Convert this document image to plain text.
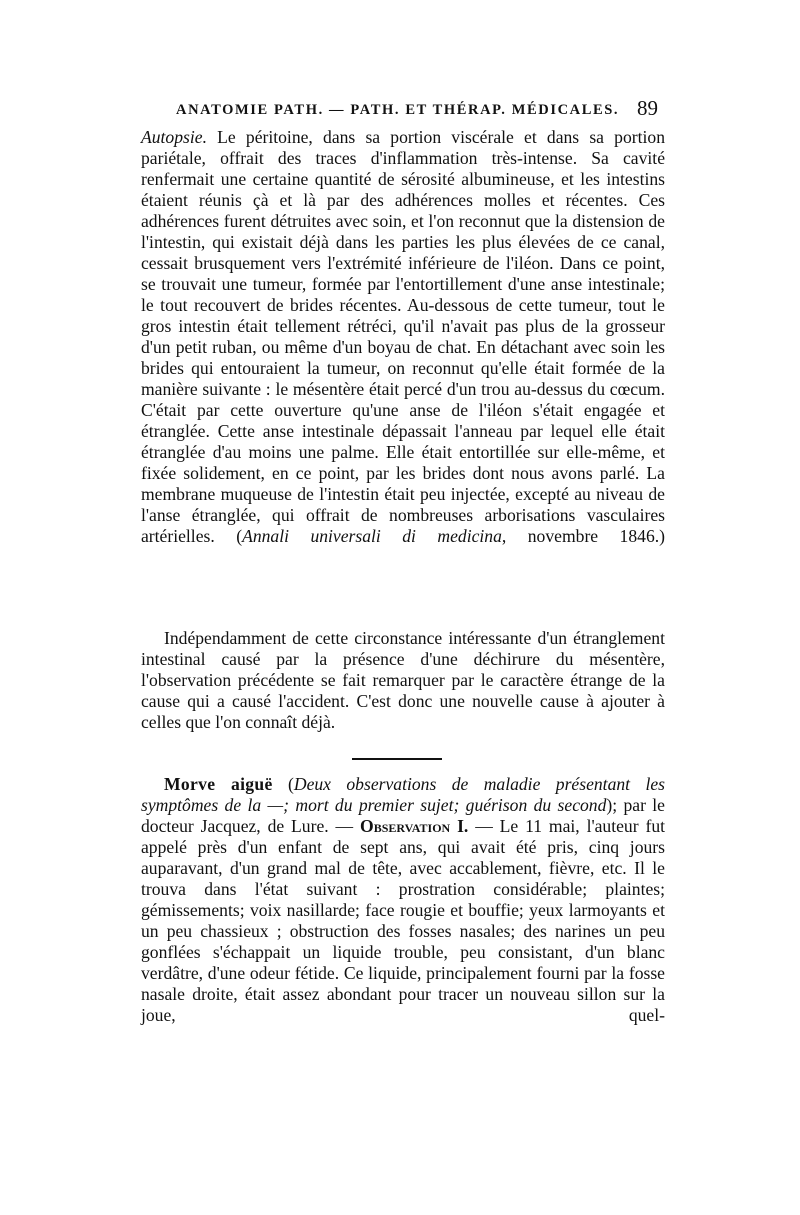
ANATOMIE PATH. — PATH. ET THÉRAP. MÉDICALES. 89

Autopsie. Le péritoine, dans sa portion viscérale et dans sa portion pariétale, offrait des traces d'inflammation très-intense. Sa cavité renfermait une certaine quantité de sérosité albumineuse, et les intestins étaient réunis çà et là par des adhérences molles et récentes. Ces adhérences furent détruites avec soin, et l'on reconnut que la distension de l'intestin, qui existait déjà dans les parties les plus élevées de ce canal, cessait brusquement vers l'extrémité inférieure de l'iléon. Dans ce point, se trouvait une tumeur, formée par l'entortillement d'une anse intestinale; le tout recouvert de brides récentes. Au-dessous de cette tumeur, tout le gros intestin était tellement rétréci, qu'il n'avait pas plus de la grosseur d'un petit ruban, ou même d'un boyau de chat. En détachant avec soin les brides qui entouraient la tumeur, on reconnut qu'elle était formée de la manière suivante : le mésentère était percé d'un trou au-dessus du cœcum. C'était par cette ouverture qu'une anse de l'iléon s'était engagée et étranglée. Cette anse intestinale dépassait l'anneau par lequel elle était étranglée d'au moins une palme. Elle était entortillée sur elle-même, et fixée solidement, en ce point, par les brides dont nous avons parlé. La membrane muqueuse de l'intestin était peu injectée, excepté au niveau de l'anse étranglée, qui offrait de nombreuses arborisations vasculaires artérielles. (Annali universali di medicina, novembre 1846.)

Indépendamment de cette circonstance intéressante d'un étranglement intestinal causé par la présence d'une déchirure du mésentère, l'observation précédente se fait remarquer par le caractère étrange de la cause qui a causé l'accident. C'est donc une nouvelle cause à ajouter à celles que l'on connaît déjà.

Morve aiguë (Deux observations de maladie présentant les symptômes de la —; mort du premier sujet; guérison du second); par le docteur Jacquez, de Lure. — Observation I. — Le 11 mai, l'auteur fut appelé près d'un enfant de sept ans, qui avait été pris, cinq jours auparavant, d'un grand mal de tête, avec accablement, fièvre, etc. Il le trouva dans l'état suivant : prostration considérable; plaintes; gémissements; voix nasillarde; face rougie et bouffie; yeux larmoyants et un peu chassieux ; obstruction des fosses nasales; des narines un peu gonflées s'échappait un liquide trouble, peu consistant, d'un blanc verdâtre, d'une odeur fétide. Ce liquide, principalement fourni par la fosse nasale droite, était assez abondant pour tracer un nouveau sillon sur la joue, quel-
